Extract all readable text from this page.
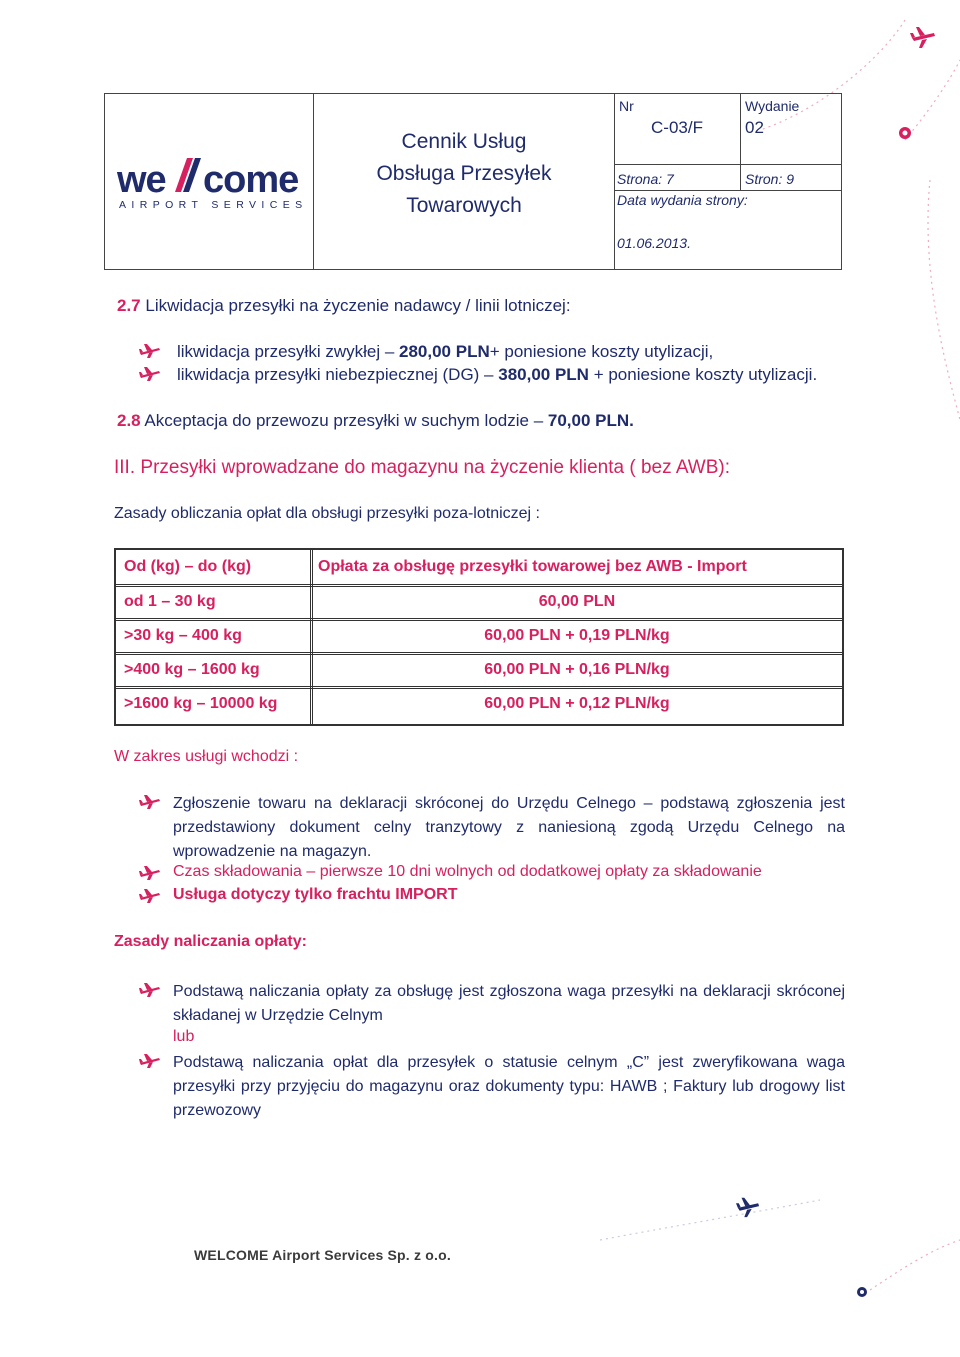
we come
AIRPORT SERVICES
Cennik Usług
Obsługa Przesyłek
Towarowych
Nr
C-03/F
Wydanie
02
Strona: 7	Stron: 9
Data wydania strony:
01.06.2013.
2.7 Likwidacja przesyłki na życzenie nadawcy / linii lotniczej:
likwidacja przesyłki zwykłej – 280,00 PLN+ poniesione koszty utylizacji,
likwidacja przesyłki niebezpiecznej (DG) – 380,00 PLN + poniesione koszty utylizacji.
2.8 Akceptacja do przewozu przesyłki w suchym lodzie – 70,00 PLN.
III. Przesyłki wprowadzane do magazynu na życzenie klienta ( bez AWB):
Zasady obliczania opłat dla obsługi przesyłki poza-lotniczej :
Od (kg) – do (kg)	Opłata za obsługę przesyłki towarowej bez AWB - Import
od 1 – 30 kg	60,00 PLN
>30 kg – 400 kg	60,00 PLN + 0,19 PLN/kg
>400 kg – 1600 kg	60,00 PLN + 0,16 PLN/kg
>1600 kg – 10000 kg	60,00 PLN + 0,12 PLN/kg
W zakres usługi wchodzi :
Zgłoszenie towaru na deklaracji skróconej do Urzędu Celnego – podstawą zgłoszenia jest przedstawiony dokument celny tranzytowy z naniesioną zgodą Urzędu Celnego na wprowadzenie na magazyn.
Czas składowania – pierwsze 10 dni wolnych od dodatkowej opłaty za składowanie
Usługa dotyczy tylko frachtu IMPORT
Zasady naliczania opłaty:
Podstawą naliczania opłaty za obsługę jest zgłoszona waga przesyłki na deklaracji skróconej składanej w Urzędzie Celnym
lub
Podstawą naliczania opłat dla przesyłek o statusie celnym „C” jest zweryfikowana waga przesyłki przy przyjęciu do magazynu oraz dokumenty typu: HAWB ; Faktury lub drogowy list przewozowy
WELCOME Airport Services Sp. z o.o.
